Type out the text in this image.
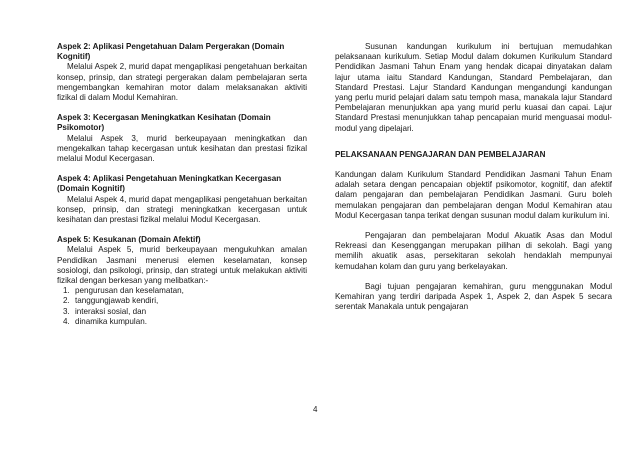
Aspek 2: Aplikasi Pengetahuan Dalam Pergerakan (Domain Kognitif)
Melalui Aspek 2, murid dapat mengaplikasi pengetahuan berkaitan konsep, prinsip, dan strategi pergerakan dalam pembelajaran serta mengembangkan kemahiran motor dalam melaksanakan aktiviti fizikal di dalam Modul Kemahiran.
Aspek 3: Kecergasan Meningkatkan Kesihatan (Domain Psikomotor)
Melalui Aspek 3, murid berkeupayaan meningkatkan dan mengekalkan tahap kecergasan untuk kesihatan dan prestasi fizikal melalui Modul Kecergasan.
Aspek 4: Aplikasi Pengetahuan Meningkatkan Kecergasan (Domain Kognitif)
Melalui Aspek 4, murid dapat mengaplikasi pengetahuan berkaitan konsep, prinsip, dan strategi meningkatkan kecergasan untuk kesihatan dan prestasi fizikal melalui Modul Kecergasan.
Aspek 5: Kesukanan (Domain Afektif)
Melalui Aspek 5, murid berkeupayaan mengukuhkan amalan Pendidikan Jasmani menerusi elemen keselamatan, konsep sosiologi, dan psikologi, prinsip, dan strategi untuk melakukan aktiviti fizikal dengan berkesan yang melibatkan:-
1. pengurusan dan keselamatan,
2. tanggungjawab kendiri,
3. interaksi sosial, dan
4. dinamika kumpulan.
Susunan kandungan kurikulum ini bertujuan memudahkan pelaksanaan kurikulum. Setiap Modul dalam dokumen Kurikulum Standard Pendidikan Jasmani Tahun Enam yang hendak dicapai dinyatakan dalam lajur utama iaitu Standard Kandungan, Standard Pembelajaran, dan Standard Prestasi. Lajur Standard Kandungan mengandungi kandungan yang perlu murid pelajari dalam satu tempoh masa, manakala lajur Standard Pembelajaran menunjukkan apa yang murid perlu kuasai dan capai. Lajur Standard Prestasi menunjukkan tahap pencapaian murid menguasai modul-modul yang dipelajari.
PELAKSANAAN PENGAJARAN DAN PEMBELAJARAN
Kandungan dalam Kurikulum Standard Pendidikan Jasmani Tahun Enam adalah setara dengan pencapaian objektif psikomotor, kognitif, dan afektif dalam pengajaran dan pembelajaran Pendidikan Jasmani. Guru boleh memulakan pengajaran dan pembelajaran dengan Modul Kemahiran atau Modul Kecergasan tanpa terikat dengan susunan modul dalam kurikulum ini.
Pengajaran dan pembelajaran Modul Akuatik Asas dan Modul Rekreasi dan Kesenggangan merupakan pilihan di sekolah. Bagi yang memilih akuatik asas, persekitaran sekolah hendaklah mempunyai kemudahan kolam dan guru yang berkelayakan.
Bagi tujuan pengajaran kemahiran, guru menggunakan Modul Kemahiran yang terdiri daripada Aspek 1, Aspek 2, dan Aspek 5 secara serentak Manakala untuk pengajaran
4
